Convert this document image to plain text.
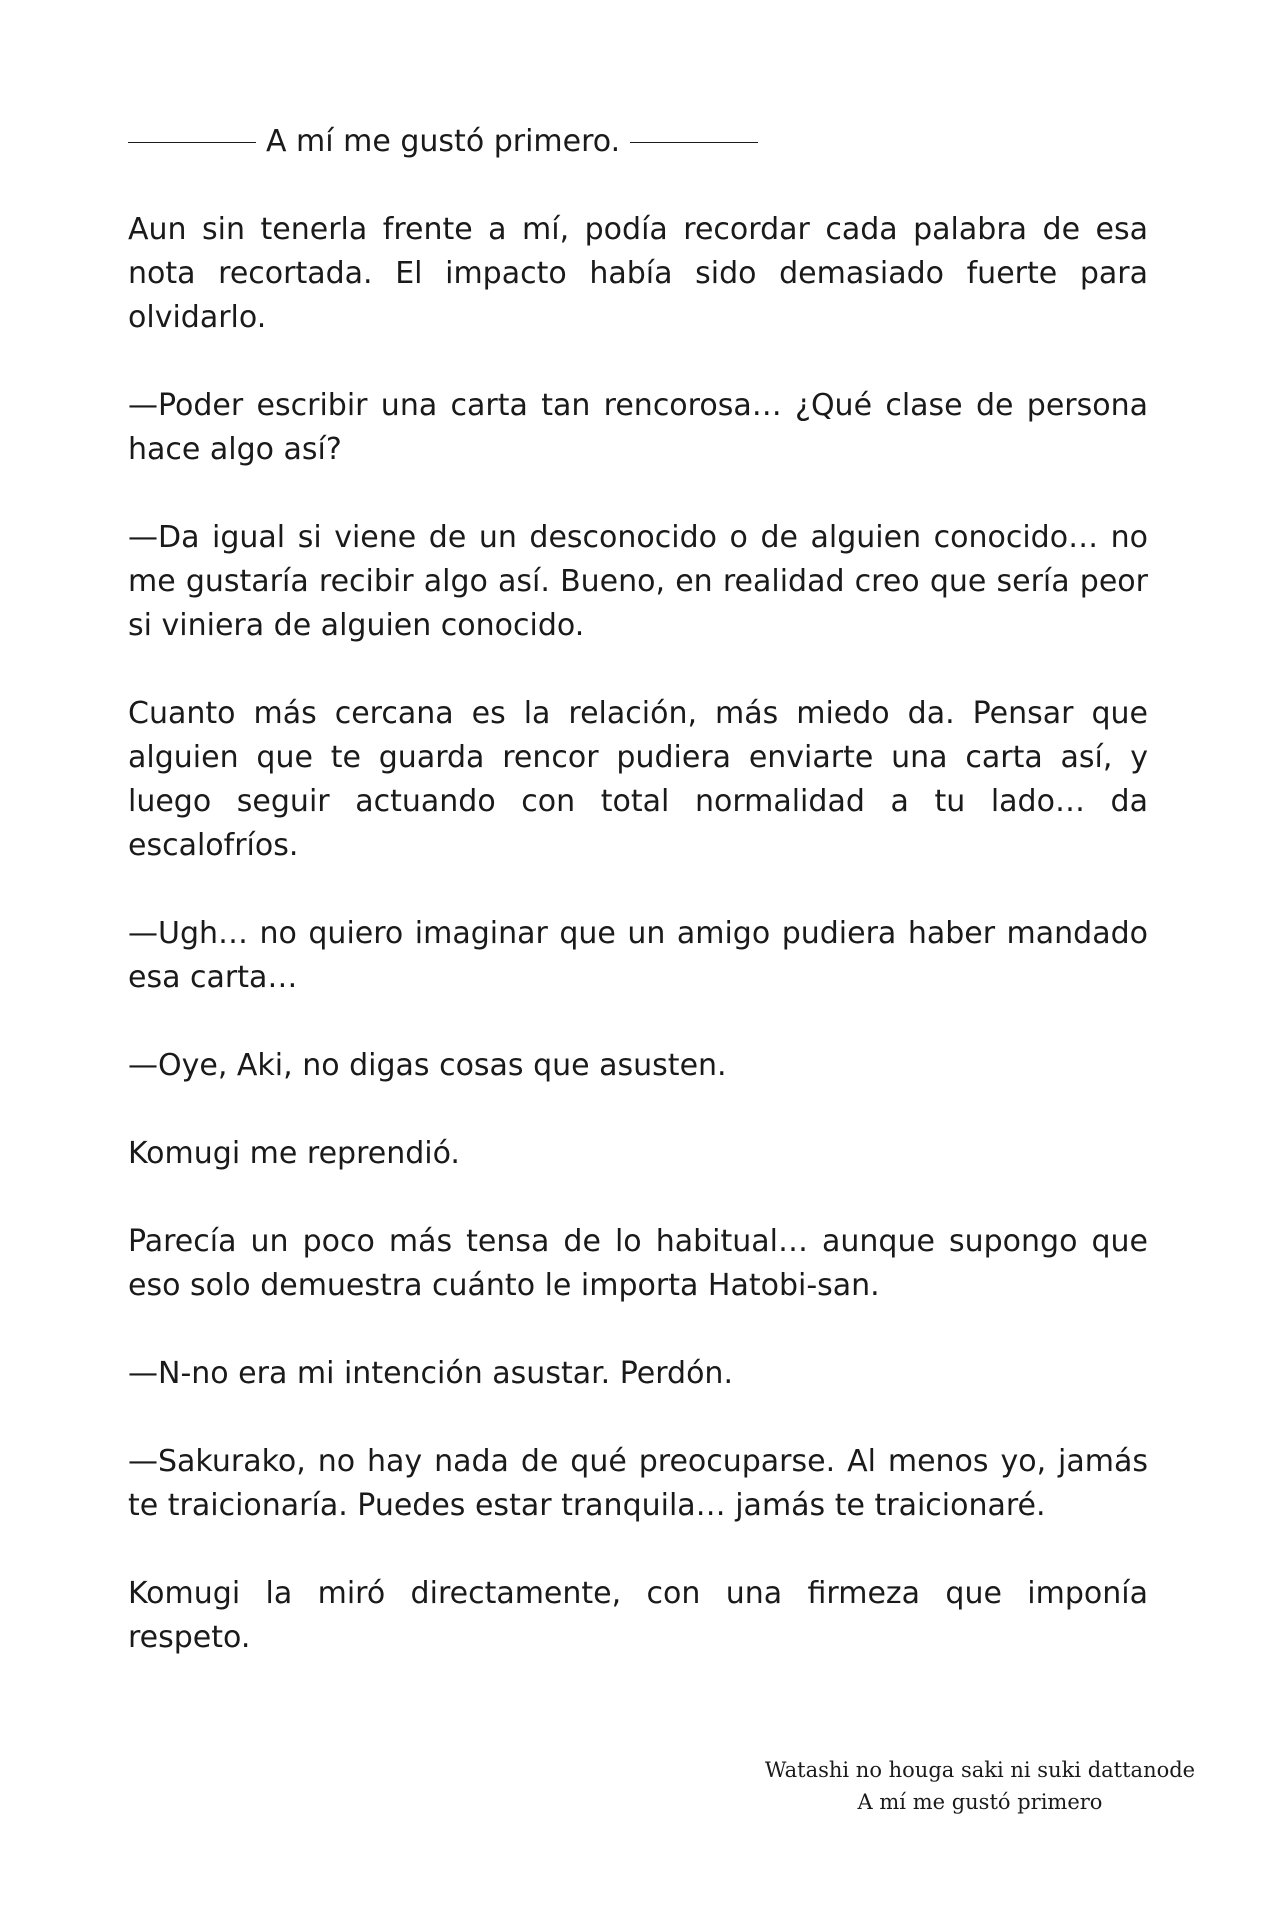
A mí me gustó primero.

Aun sin tenerla frente a mí, podía recordar cada palabra de esa nota recortada. El impacto había sido demasiado fuerte para olvidarlo.

—Poder escribir una carta tan rencorosa… ¿Qué clase de persona hace algo así?

—Da igual si viene de un desconocido o de alguien conocido… no me gustaría recibir algo así. Bueno, en realidad creo que sería peor si viniera de alguien conocido.

Cuanto más cercana es la relación, más miedo da. Pensar que alguien que te guarda rencor pudiera enviarte una carta así, y luego seguir actuando con total normalidad a tu lado… da escalofríos.

—Ugh… no quiero imaginar que un amigo pudiera haber mandado esa carta…

—Oye, Aki, no digas cosas que asusten.

Komugi me reprendió.

Parecía un poco más tensa de lo habitual… aunque supongo que eso solo demuestra cuánto le importa Hatobi-san.

—N-no era mi intención asustar. Perdón.

—Sakurako, no hay nada de qué preocuparse. Al menos yo, jamás te traicionaría. Puedes estar tranquila… jamás te traicionaré.

Komugi la miró directamente, con una firmeza que imponía respeto.

Watashi no houga saki ni suki dattanode
A mí me gustó primero
